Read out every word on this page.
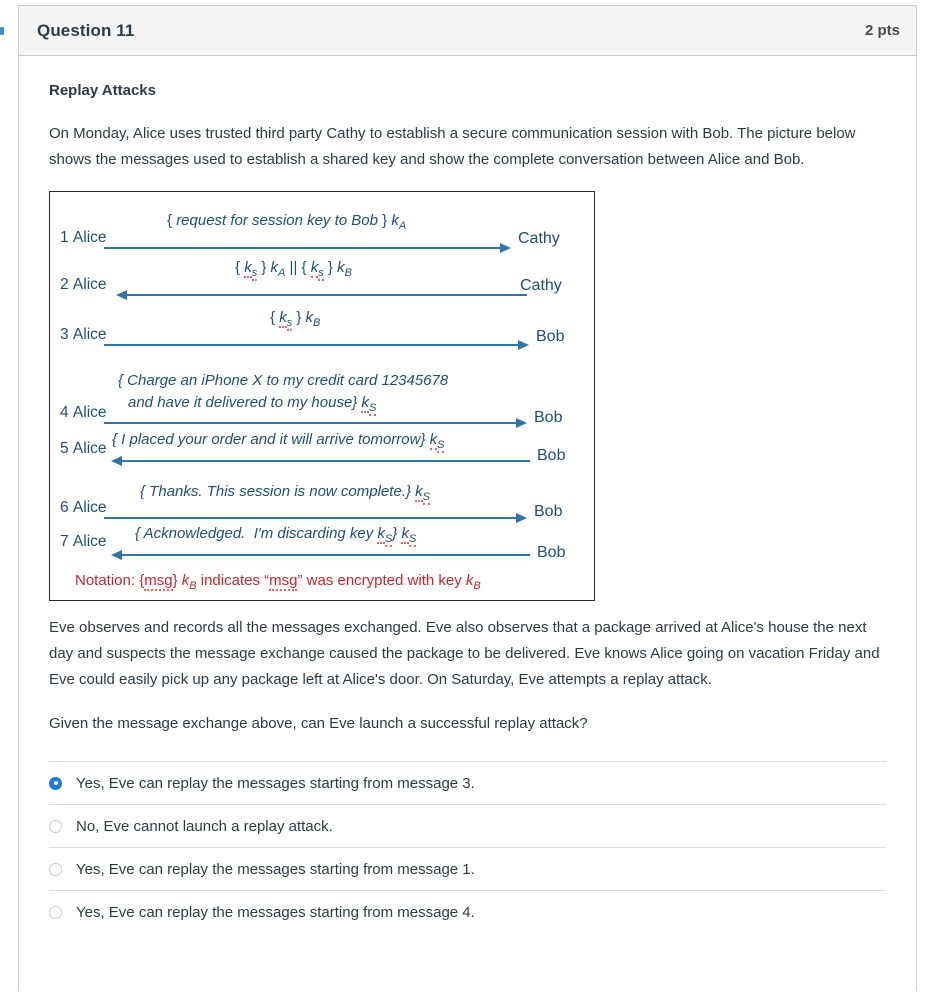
Question 11	2 pts
Replay Attacks

On Monday, Alice uses trusted third party Cathy to establish a secure communication session with Bob. The picture below shows the messages used to establish a shared key and show the complete conversation between Alice and Bob.

1 Alice
{ request for session key to Bob } $k_A$
Cathy
2 Alice
{ $k_s$ } $k_A$ || { $k_s$ } $k_B$
Cathy
3 Alice
{ $k_s$ } $k_B$
Bob
4 Alice
{ Charge an iPhone X to my credit card 12345678
and have it delivered to my house} $k_S$
Bob
5 Alice
{ I placed your order and it will arrive tomorrow} $k_S$
Bob
6 Alice
{ Thanks. This session is now complete.} $k_S$
Bob
7 Alice { Acknowledged.  I'm discarding key $k_S$} $k_S$
Bob
Notation: {msg} $k_B$ indicates “msg” was encrypted with key $k_B$

Eve observes and records all the messages exchanged. Eve also observes that a package arrived at Alice's house the next day and suspects the message exchange caused the package to be delivered. Eve knows Alice going on vacation Friday and Eve could easily pick up any package left at Alice's door. On Saturday, Eve attempts a replay attack.

Given the message exchange above, can Eve launch a successful replay attack?

Yes, Eve can replay the messages starting from message 3.
No, Eve cannot launch a replay attack.
Yes, Eve can replay the messages starting from message 1.
Yes, Eve can replay the messages starting from message 4.
